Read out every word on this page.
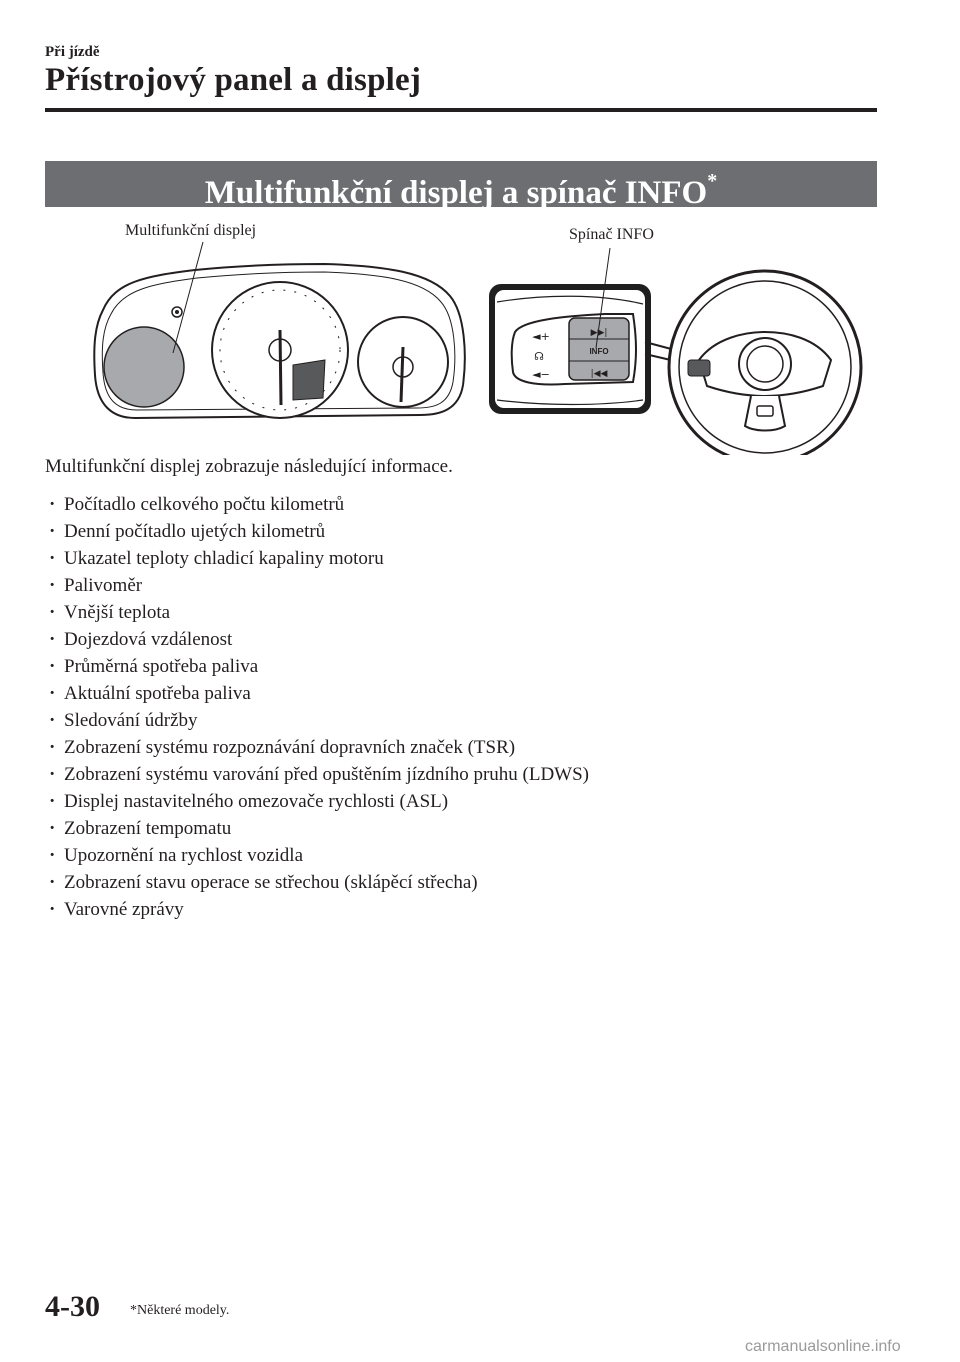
Při jízdě
Přístrojový panel a displej
Multifunkční displej a spínač INFO*
INFO
▶▶|
|◀◀
◄+
☊
◄−
Multifunkční displej	Spínač INFO
Multifunkční displej zobrazuje následující informace.
· Počítadlo celkového počtu kilometrů
· Denní počítadlo ujetých kilometrů
· Ukazatel teploty chladicí kapaliny motoru
· Palivoměr
· Vnější teplota
· Dojezdová vzdálenost
· Průměrná spotřeba paliva
· Aktuální spotřeba paliva
· Sledování údržby
· Zobrazení systému rozpoznávání dopravních značek (TSR)
· Zobrazení systému varování před opuštěním jízdního pruhu (LDWS)
· Displej nastavitelného omezovače rychlosti (ASL)
· Zobrazení tempomatu
· Upozornění na rychlost vozidla
· Zobrazení stavu operace se střechou (sklápěcí střecha)
· Varovné zprávy
4-30 *Některé modely.
carmanualsonline.info
